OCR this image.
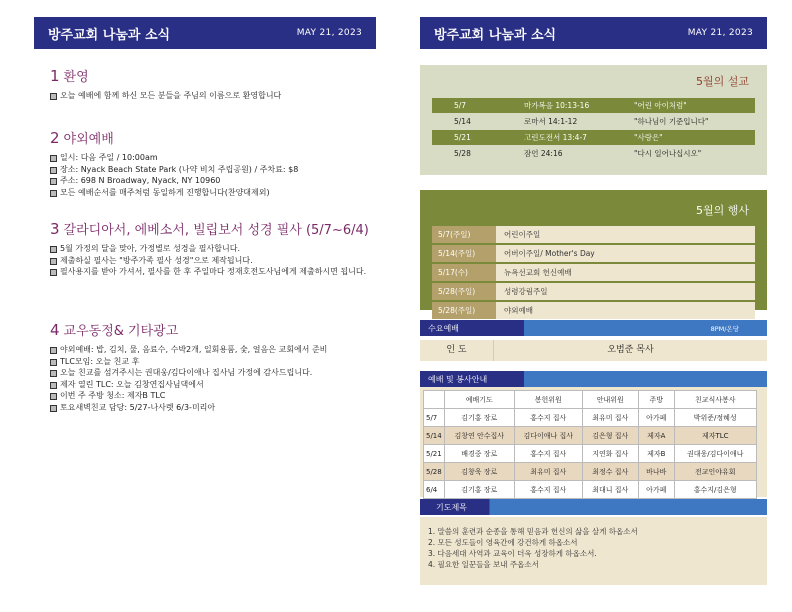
방주교회 나눔과 소식	MAY 21, 2023
1 환영
오늘 예배에 함께 하신 모든 분들을 주님의 이름으로 환영합니다
2 야외예배
일시: 다음 주일 / 10:00am
장소: Nyack Beach State Park (나약 비치 주립공원) / 주차료: $8
주소: 698 N Broadway, Nyack, NY 10960
모든 예배순서를 매주처럼 동일하게 진행합니다(찬양대제외)
3 갈라디아서, 에베소서, 빌립보서 성경 필사 (5/7~6/4)
5월 가정의 달을 맞아, 가정별로 성경을 필사합니다.
제출하실 필사는 "방주가족 필사 성경"으로 제작됩니다.
필사용지를 받아 가셔서, 필사를 한 후 주일마다 정재호전도사님에게 제출하시면 됩니다.
4 교우동정& 기타광고
야외예배: 밥, 김치, 물, 음료수, 수박2개, 일회용품, 숯, 얼음은 교회에서 준비
TLC모임: 오늘 친교 후
오늘 친교를 섬겨주시는 권대웅/김다이애나 집사님 가정에 감사드립니다.
제자 열린 TLC: 오늘 김창연집사님댁에서
이번 주 주방 청소: 제자B TLC
토요새벽친교 담당: 5/27-나사렛 6/3-미리아
방주교회 나눔과 소식	MAY 21, 2023
5월의 설교
5/7	마가복음 10:13-16	"어린 아이처럼"
5/14	로마서 14:1-12	"하나님이 기준입니다"
5/21	고린도전서 13:4-7	"사랑은"
5/28	잠언 24:16	"다시 일어나십시오"
5월의 행사
5/7(주일)	어린이주일
5/14(주일)	어버이주일/ Mother's Day
5/17(수)	뉴욕선교회 헌신예배
5/28(주일)	성령강림주일
5/28(주일)	야외예배
수요예배	8PM/온당
인 도	오범준 목사
예배 및 봉사안내
	예배기도	봉헌위원	안내위원	주방	친교식사봉사
5/7	김기홍 장로	홍수지 집사	최유미 집사	아가페	박위준/정혜성
5/14	김창연 안수집사	김다이애나 집사	김은형 집사	제자A	제자TLC
5/21	배경중 장로	홍수지 집사	지연화 집사	제자B	권대웅/김다이애나
5/28	김창욱 장로	최유미 집사	최정수 집사	바나바	전교인야유회
6/4	김기홍 장로	홍수지 집사	최대니 집사	아가페	홍수지/김은형
기도제목
1. 말씀의 훈련과 순종을 통해 믿음과 헌신의 삶을 살게 하옵소서
2. 모든 성도들이 영육간에 강건하게 하옵소서
3. 다음세대 사역과 교육이 더욱 성장하게 하옵소서.
4. 필요한 일꾼들을 보내 주옵소서
